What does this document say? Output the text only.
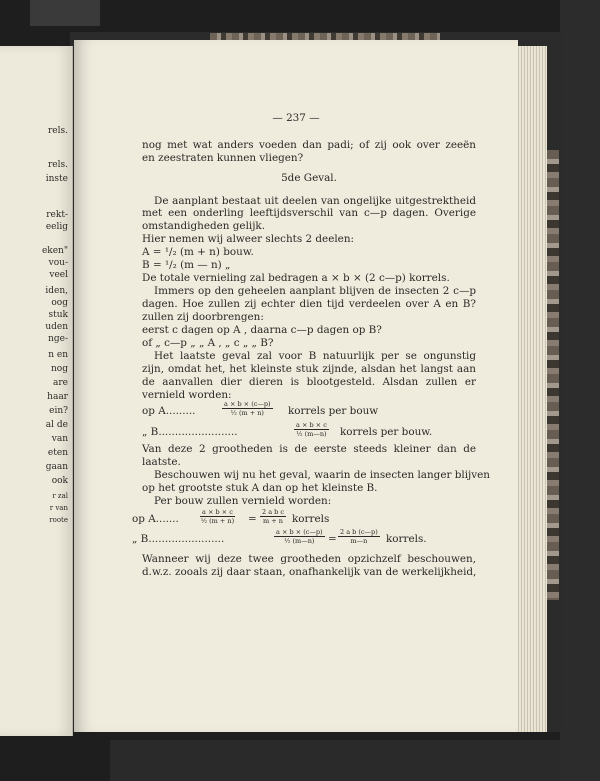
rels.
rels.
inste
rekt-
eelig
eken"
vou-
veel
iden,
oog
stuk
uden
nge-
n en
nog
are
haar
ein?
al de
van
eten
gaan
ook
r zal
r van
roote
— 237 —
nog met wat anders voeden dan padi; of zij ook over zeeën
en zeestraten kunnen vliegen?
5de Geval.
De aanplant bestaat uit deelen van ongelijke uitgestrektheid
met een onderling leeftijdsverschil van c—p dagen. Overige
omstandigheden gelijk.
Hier nemen wij alweer slechts 2 deelen:
A = ¹/₂ (m + n) bouw.
B = ¹/₂ (m — n) „
De totale vernieling zal bedragen a × b × (2 c—p) korrels.
Immers op den geheelen aanplant blijven de insecten 2 c—p
dagen. Hoe zullen zij echter dien tijd verdeelen over A en B?
zullen zij doorbrengen:
eerst c dagen op A , daarna c—p dagen op B?
of „ c—p „ „ A , „ c „ „ B?
Het laatste geval zal voor B natuurlijk per se ongunstig
zijn, omdat het, het kleinste stuk zijnde, alsdan het langst aan
de aanvallen dier dieren is blootgesteld. Alsdan zullen er
vernield worden:
op A.........	$\frac{a \times b \times (c—p)}{\text{½ (m + n)}}$ korrels per bouw
„ B........................	$\frac{a \times b \times c}{\text{½ (m—n)}}$ korrels per bouw.
Van deze 2 grootheden is de eerste steeds kleiner dan de
laatste.
Beschouwen wij nu het geval, waarin de insecten langer blijven
op het grootste stuk A dan op het kleinste B.
Per bouw zullen vernield worden:
op A.......	$\frac{a \times b \times c}{\text{½ (m + n)}} = \frac{\text{2 a b c}}{m + n}$ korrels
„ B.......................	$\frac{a \times b \times (c—p)}{\text{½ (m—n)}} = \frac{\text{2 a b (c—p)}}{m—n}$ korrels.
Wanneer wij deze twee grootheden opzichzelf beschouwen,
d.w.z. zooals zij daar staan, onafhankelijk van de werkelijkheid,
